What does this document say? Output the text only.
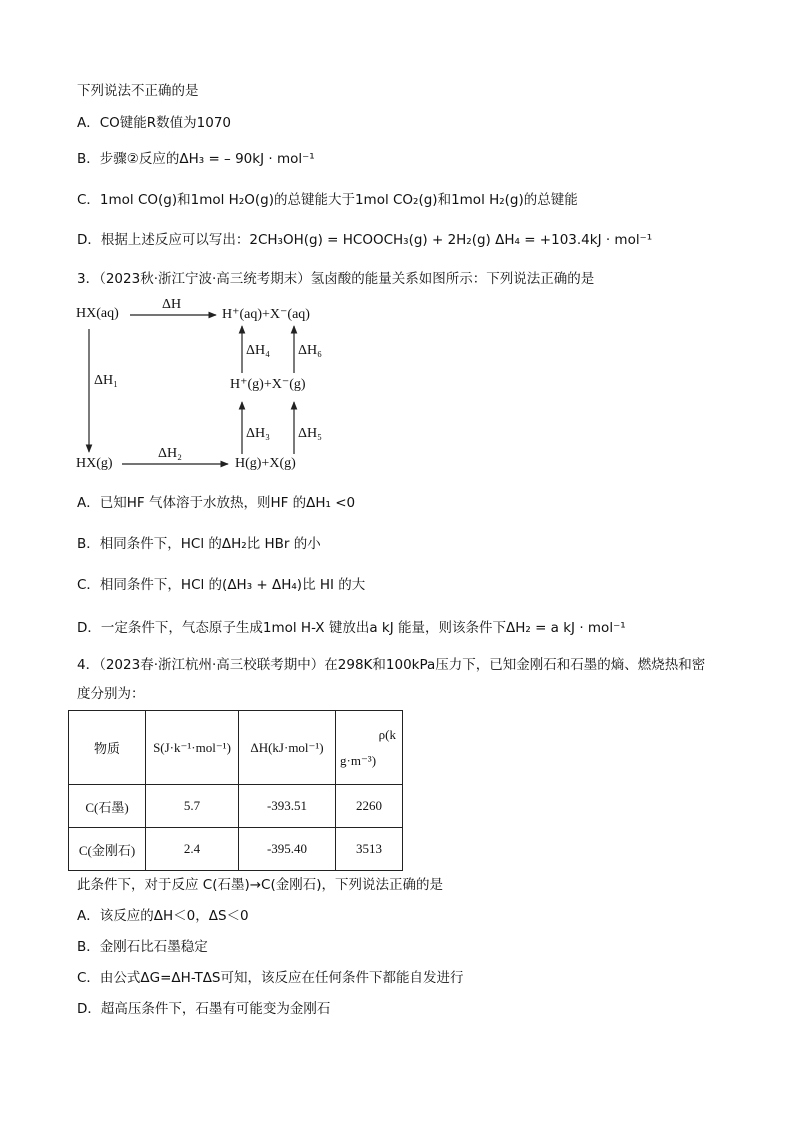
下列说法不正确的是
A．CO键能R数值为1070
B．步骤②反应的ΔH₃ = – 90kJ · mol⁻¹
C．1mol CO(g)和1mol H₂O(g)的总键能大于1mol CO₂(g)和1mol H₂(g)的总键能
D．根据上述反应可以写出：2CH₃OH(g) = HCOOCH₃(g) + 2H₂(g) ΔH₄ = +103.4kJ · mol⁻¹
3．（2023秋·浙江宁波·高三统考期末）氢卤酸的能量关系如图所示：下列说法正确的是
HX(aq)	H⁺(aq)+X⁻(aq)
ΔH
ΔH₄ ΔH₆
ΔH₁	H⁺(g)+X⁻(g)
ΔH₃ ΔH₅
ΔH₂
HX(g)	H(g)+X(g)
A．已知HF 气体溶于水放热，则HF 的ΔH₁ <0
B．相同条件下，HCl 的ΔH₂比 HBr 的小
C．相同条件下，HCl 的(ΔH₃ + ΔH₄)比 HI 的大
D．一定条件下，气态原子生成1mol H-X 键放出a kJ 能量，则该条件下ΔH₂ = a kJ · mol⁻¹
4．（2023春·浙江杭州·高三校联考期中）在298K和100kPa压力下，已知金刚石和石墨的熵、燃烧热和密
度分别为：
物质	S(J·k⁻¹·mol⁻¹)	ΔH(kJ·mol⁻¹)	ρ(k
g·m⁻³)

C(石墨)	5.7	-393.51	2260
C(金刚石)	2.4	-395.40	3513
此条件下，对于反应 C(石墨)→C(金刚石)，下列说法正确的是
A．该反应的ΔH＜0，ΔS＜0
B．金刚石比石墨稳定
C．由公式ΔG=ΔH-TΔS可知，该反应在任何条件下都能自发进行
D．超高压条件下，石墨有可能变为金刚石
